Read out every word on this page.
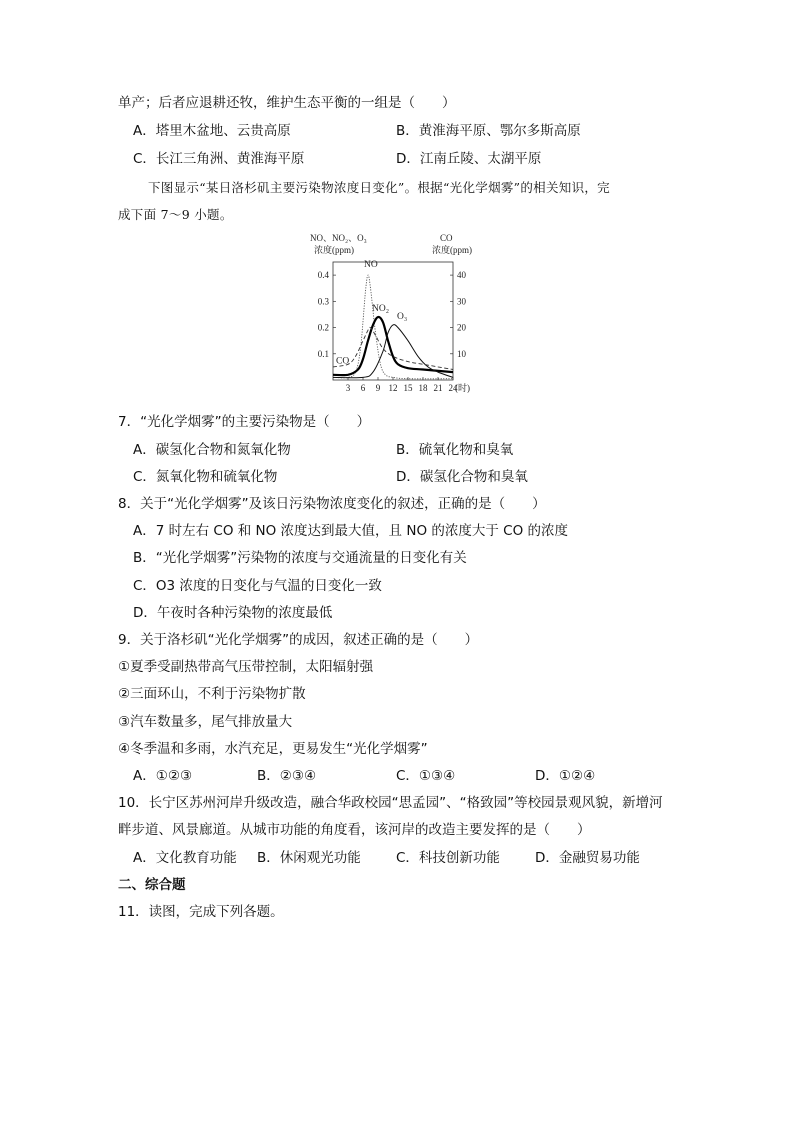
单产；后者应退耕还牧，维护生态平衡的一组是（　　）
A．塔里木盆地、云贵高原	B．黄淮海平原、鄂尔多斯高原
C．长江三角洲、黄淮海平原	D．江南丘陵、太湖平原
下图显示“某日洛杉矶主要污染物浓度日变化”。根据“光化学烟雾”的相关知识，完
成下面 7～9 小题。
0.1
0.2
0.3
0.4
10
20
30
40
3 6 9 12 15 18 21 24
(时)
NO、NO₂、O₃
浓度(ppm)
CO
浓度(ppm)
NO
NO₂
O₃
CO
7．“光化学烟雾”的主要污染物是（　　）
A．碳氢化合物和氮氧化物	B．硫氧化物和臭氧
C．氮氧化物和硫氧化物	D．碳氢化合物和臭氧
8．关于“光化学烟雾”及该日污染物浓度变化的叙述，正确的是（　　）
A．7 时左右 CO 和 NO 浓度达到最大值，且 NO 的浓度大于 CO 的浓度
B．“光化学烟雾”污染物的浓度与交通流量的日变化有关
C．O3 浓度的日变化与气温的日变化一致
D．午夜时各种污染物的浓度最低
9．关于洛杉矶“光化学烟雾”的成因，叙述正确的是（　　）
①夏季受副热带高气压带控制，太阳辐射强
②三面环山，不利于污染物扩散
③汽车数量多，尾气排放量大
④冬季温和多雨，水汽充足，更易发生“光化学烟雾”
A．①②③	B．②③④	C．①③④	D．①②④
10．长宁区苏州河岸升级改造，融合华政校园“思孟园”、“格致园”等校园景观风貌，新增河
畔步道、风景廊道。从城市功能的角度看，该河岸的改造主要发挥的是（　　）
A．文化教育功能 B．休闲观光功能	C．科技创新功能	D．金融贸易功能
二、综合题
11．读图，完成下列各题。
